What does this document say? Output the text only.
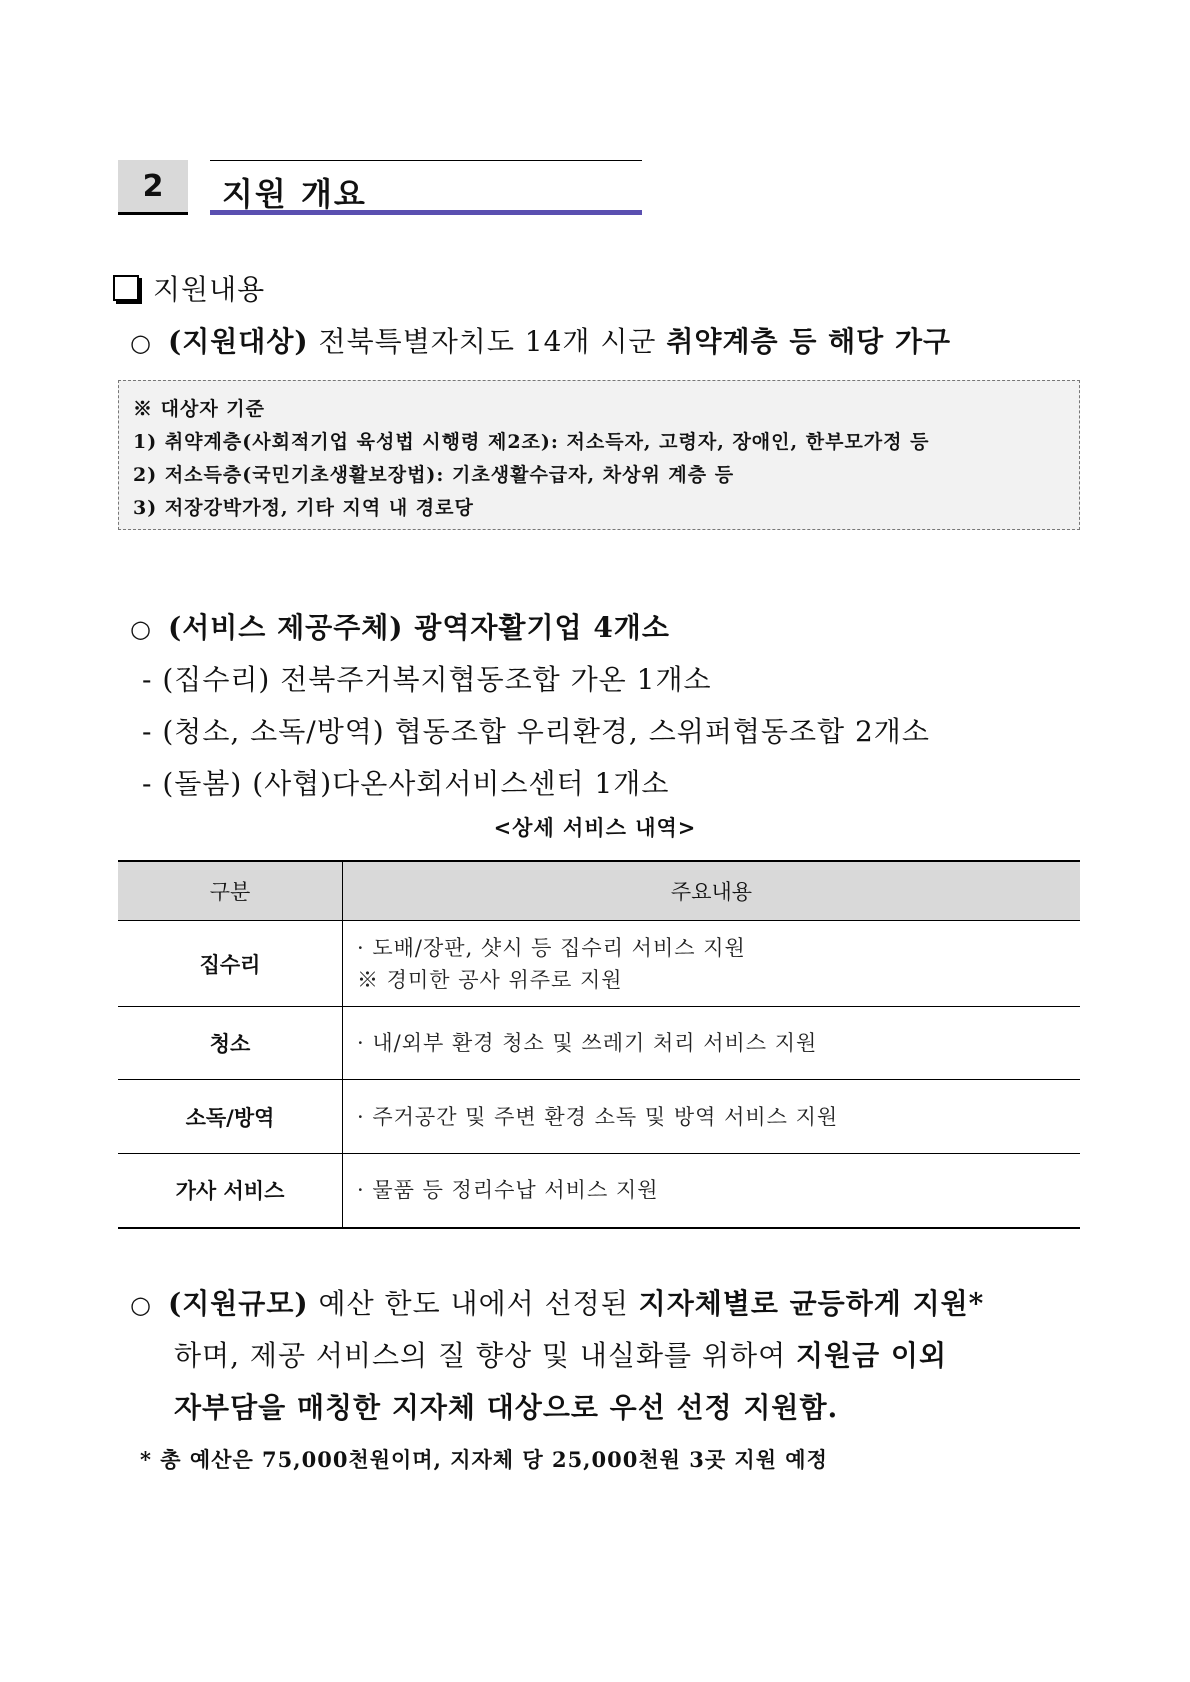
2	지원 개요
지원내용
○ (지원대상) 전북특별자치도 14개 시군 취약계층 등 해당 가구
※ 대상자 기준
1) 취약계층(사회적기업 육성법 시행령 제2조): 저소득자, 고령자, 장애인, 한부모가정 등
2) 저소득층(국민기초생활보장법): 기초생활수급자, 차상위 계층 등
3) 저장강박가정, 기타 지역 내 경로당
○ (서비스 제공주체) 광역자활기업 4개소
- (집수리) 전북주거복지협동조합 가온 1개소
- (청소, 소독/방역) 협동조합 우리환경, 스위퍼협동조합 2개소
- (돌봄) (사협)다온사회서비스센터 1개소
<상세 서비스 내역>
구분	주요내용
집수리	· 도배/장판, 샷시 등 집수리 서비스 지원
※ 경미한 공사 위주로 지원

청소	· 내/외부 환경 청소 및 쓰레기 처리 서비스 지원

소독/방역	· 주거공간 및 주변 환경 소독 및 방역 서비스 지원

가사 서비스	· 물품 등 정리수납 서비스 지원
○ (지원규모) 예산 한도 내에서 선정된 지자체별로 균등하게 지원*
하며, 제공 서비스의 질 향상 및 내실화를 위하여 지원금 이외
자부담을 매칭한 지자체 대상으로 우선 선정 지원함.
* 총 예산은 75,000천원이며, 지자체 당 25,000천원 3곳 지원 예정
